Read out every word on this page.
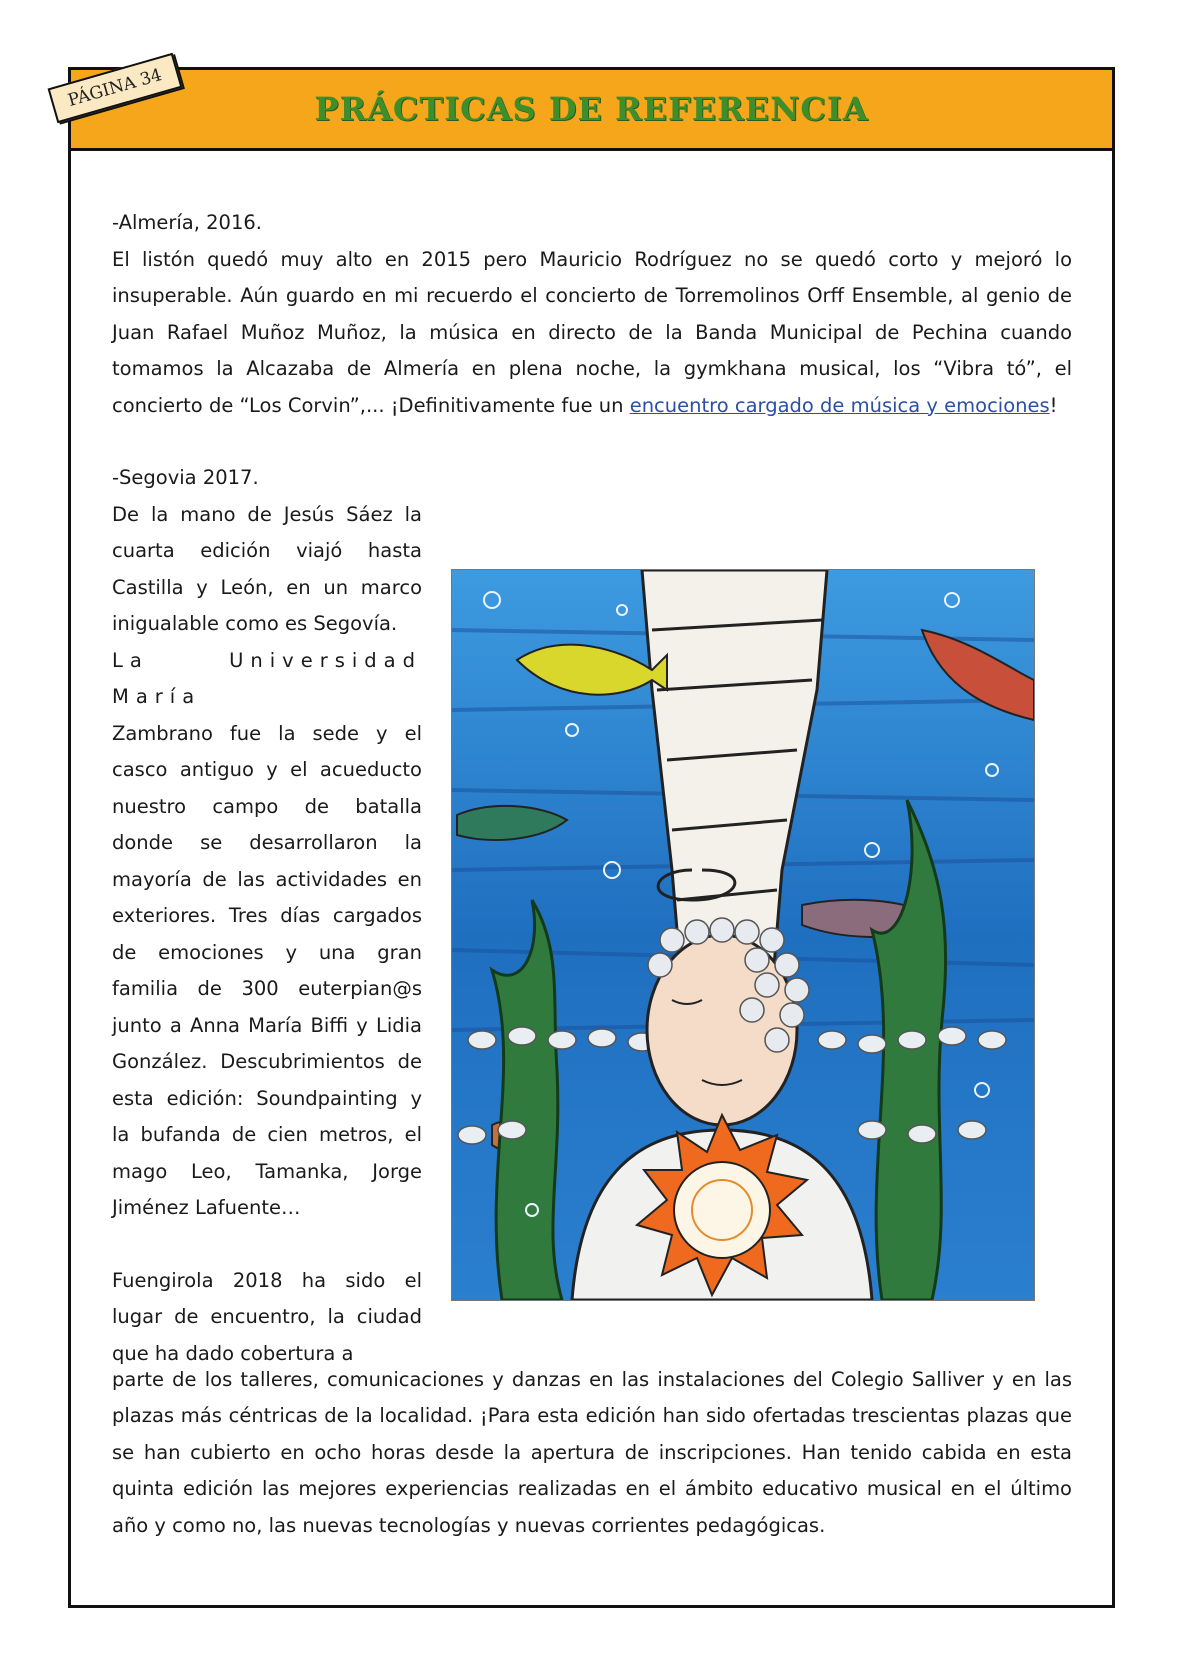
PRÁCTICAS DE REFERENCIA
PÁGINA 34

-Almería, 2016.

El listón quedó muy alto en 2015 pero Mauricio Rodríguez no se quedó corto y mejoró lo insuperable. Aún guardo en mi recuerdo el concierto de Torremolinos Orff Ensemble, al genio de Juan Rafael Muñoz Muñoz, la música en directo de la Banda Municipal de Pechina cuando tomamos la Alcazaba de Almería en plena noche, la gymkhana musical, los “Vibra tó”, el concierto de “Los Corvin”,... ¡Definitivamente fue un encuentro cargado de música y emociones!

-Segovia 2017.

De la mano de Jesús Sáez la cuarta edición viajó hasta Castilla y León, en un marco inigualable como es Segovía.

La Universidad María

Zambrano fue la sede y el casco antiguo y el acueducto nuestro campo de batalla donde se desarrollaron la mayoría de las actividades en exteriores. Tres días cargados de emociones y una gran familia de 300 euterpian@s junto a Anna María Biffi y Lidia González. Descubrimientos de esta edición: Soundpainting y la bufanda de cien metros, el mago Leo, Tamanka, Jorge Jiménez Lafuente…

Fuengirola 2018 ha sido el lugar de encuentro, la ciudad que ha dado cobertura a

parte de los talleres, comunicaciones y danzas en las instalaciones del Colegio Salliver y en las plazas más céntricas de la localidad. ¡Para esta edición han sido ofertadas trescientas plazas que se han cubierto en ocho horas desde la apertura de inscripciones. Han tenido cabida en esta quinta edición las mejores experiencias realizadas en el ámbito educativo musical en el último año y como no, las nuevas tecnologías y nuevas corrientes pedagógicas.
